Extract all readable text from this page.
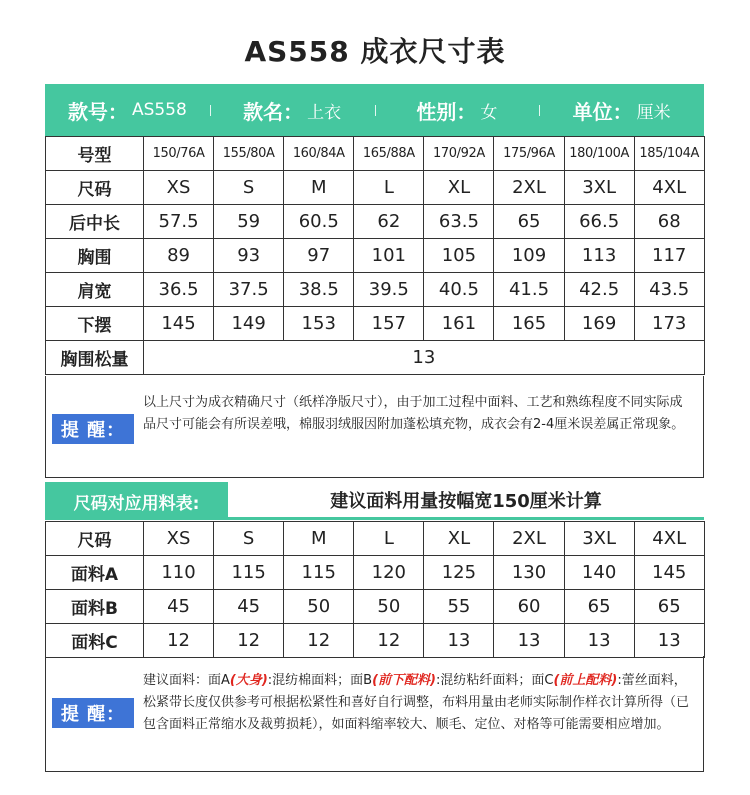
AS558 成衣尺寸表
款号： AS558	款名： 上衣	性别： 女	单位： 厘米
号型	150/76A	155/80A	160/84A	165/88A	170/92A	175/96A	180/100A	185/104A
尺码	XS	S	M	L	XL	2XL	3XL	4XL
后中长	57.5	59	60.5	62	63.5	65	66.5	68
胸围	89	93	97	101	105	109	113	117
肩宽	36.5	37.5	38.5	39.5	40.5	41.5	42.5	43.5
下摆	145	149	153	157	161	165	169	173
胸围松量	13							
提 醒：
以上尺寸为成衣精确尺寸（纸样净版尺寸），由于加工过程中面料、工艺和熟练程度不同实际成品尺寸可能会有所误差哦，棉服羽绒服因附加蓬松填充物，成衣会有2-4厘米误差属正常现象。
尺码对应用料表:	建议面料用量按幅宽150厘米计算
尺码	XS	S	M	L	XL	2XL	3XL	4XL
面料A	110	115	115	120	125	130	140	145
面料B	45	45	50	50	55	60	65	65
面料C	12	12	12	12	13	13	13	13
提 醒：
建议面料：面A(大身):混纺棉面料；面B(前下配料):混纺粘纤面料；面C(前上配料):蕾丝面料，松紧带长度仅供参考可根据松紧性和喜好自行调整，布料用量由老师实际制作样衣计算所得（已包含面料正常缩水及裁剪损耗），如面料缩率较大、顺毛、定位、对格等可能需要相应增加。
